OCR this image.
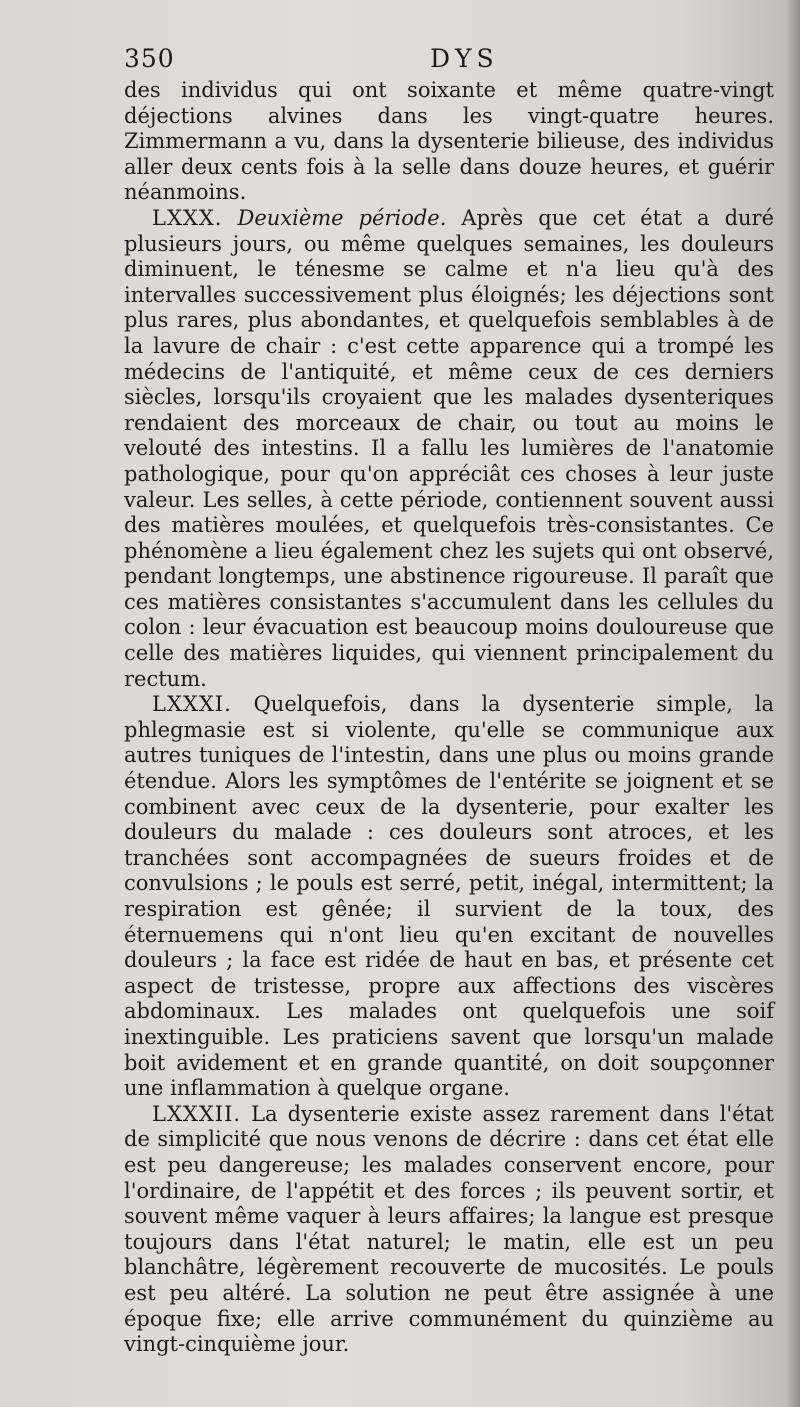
350	DYS

des individus qui ont soixante et même quatre-vingt déjections alvines dans les vingt-quatre heures. Zimmermann a vu, dans la dysenterie bilieuse, des individus aller deux cents fois à la selle dans douze heures, et guérir néanmoins.

LXXX. Deuxième période. Après que cet état a duré plusieurs jours, ou même quelques semaines, les douleurs diminuent, le ténesme se calme et n'a lieu qu'à des intervalles successivement plus éloignés; les déjections sont plus rares, plus abondantes, et quelquefois semblables à de la lavure de chair : c'est cette apparence qui a trompé les médecins de l'antiquité, et même ceux de ces derniers siècles, lorsqu'ils croyaient que les malades dysenteriques rendaient des morceaux de chair, ou tout au moins le velouté des intestins. Il a fallu les lumières de l'anatomie pathologique, pour qu'on appréciât ces choses à leur juste valeur. Les selles, à cette période, contiennent souvent aussi des matières moulées, et quelquefois très-consistantes. Ce phénomène a lieu également chez les sujets qui ont observé, pendant longtemps, une abstinence rigoureuse. Il paraît que ces matières consistantes s'accumulent dans les cellules du colon : leur évacuation est beaucoup moins douloureuse que celle des matières liquides, qui viennent principalement du rectum.

LXXXI. Quelquefois, dans la dysenterie simple, la phlegmasie est si violente, qu'elle se communique aux autres tuniques de l'intestin, dans une plus ou moins grande étendue. Alors les symptômes de l'entérite se joignent et se combinent avec ceux de la dysenterie, pour exalter les douleurs du malade : ces douleurs sont atroces, et les tranchées sont accompagnées de sueurs froides et de convulsions ; le pouls est serré, petit, inégal, intermittent; la respiration est gênée; il survient de la toux, des éternuemens qui n'ont lieu qu'en excitant de nouvelles douleurs ; la face est ridée de haut en bas, et présente cet aspect de tristesse, propre aux affections des viscères abdominaux. Les malades ont quelquefois une soif inextinguible. Les praticiens savent que lorsqu'un malade boit avidement et en grande quantité, on doit soupçonner une inflammation à quelque organe.

LXXXII. La dysenterie existe assez rarement dans l'état de simplicité que nous venons de décrire : dans cet état elle est peu dangereuse; les malades conservent encore, pour l'ordinaire, de l'appétit et des forces ; ils peuvent sortir, et souvent même vaquer à leurs affaires; la langue est presque toujours dans l'état naturel; le matin, elle est un peu blanchâtre, légèrement recouverte de mucosités. Le pouls est peu altéré. La solution ne peut être assignée à une époque fixe; elle arrive communément du quinzième au vingt-cinquième jour.
